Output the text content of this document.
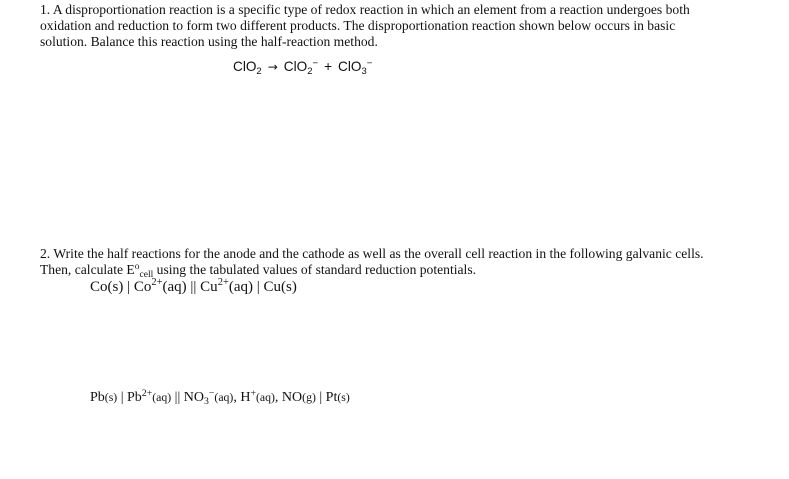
1. A disproportionation reaction is a specific type of redox reaction in which an element from a reaction undergoes both
oxidation and reduction to form two different products. The disproportionation reaction shown below occurs in basic
solution. Balance this reaction using the half-reaction method.
ClO$_2$ → ClO$_2$− + ClO$_3$−
2. Write the half reactions for the anode and the cathode as well as the overall cell reaction in the following galvanic cells.
Then, calculate $E^o_{cell}$ using the tabulated values of standard reduction potentials.
Co(s) | $Co^{2+}(aq)$ || $Cu^{2+}(aq)$ | Cu(s)
Pb(s) | $Pb^{2+}(aq)$ || $NO_3^-(aq)$, H+(aq), NO(g) | Pt(s)
